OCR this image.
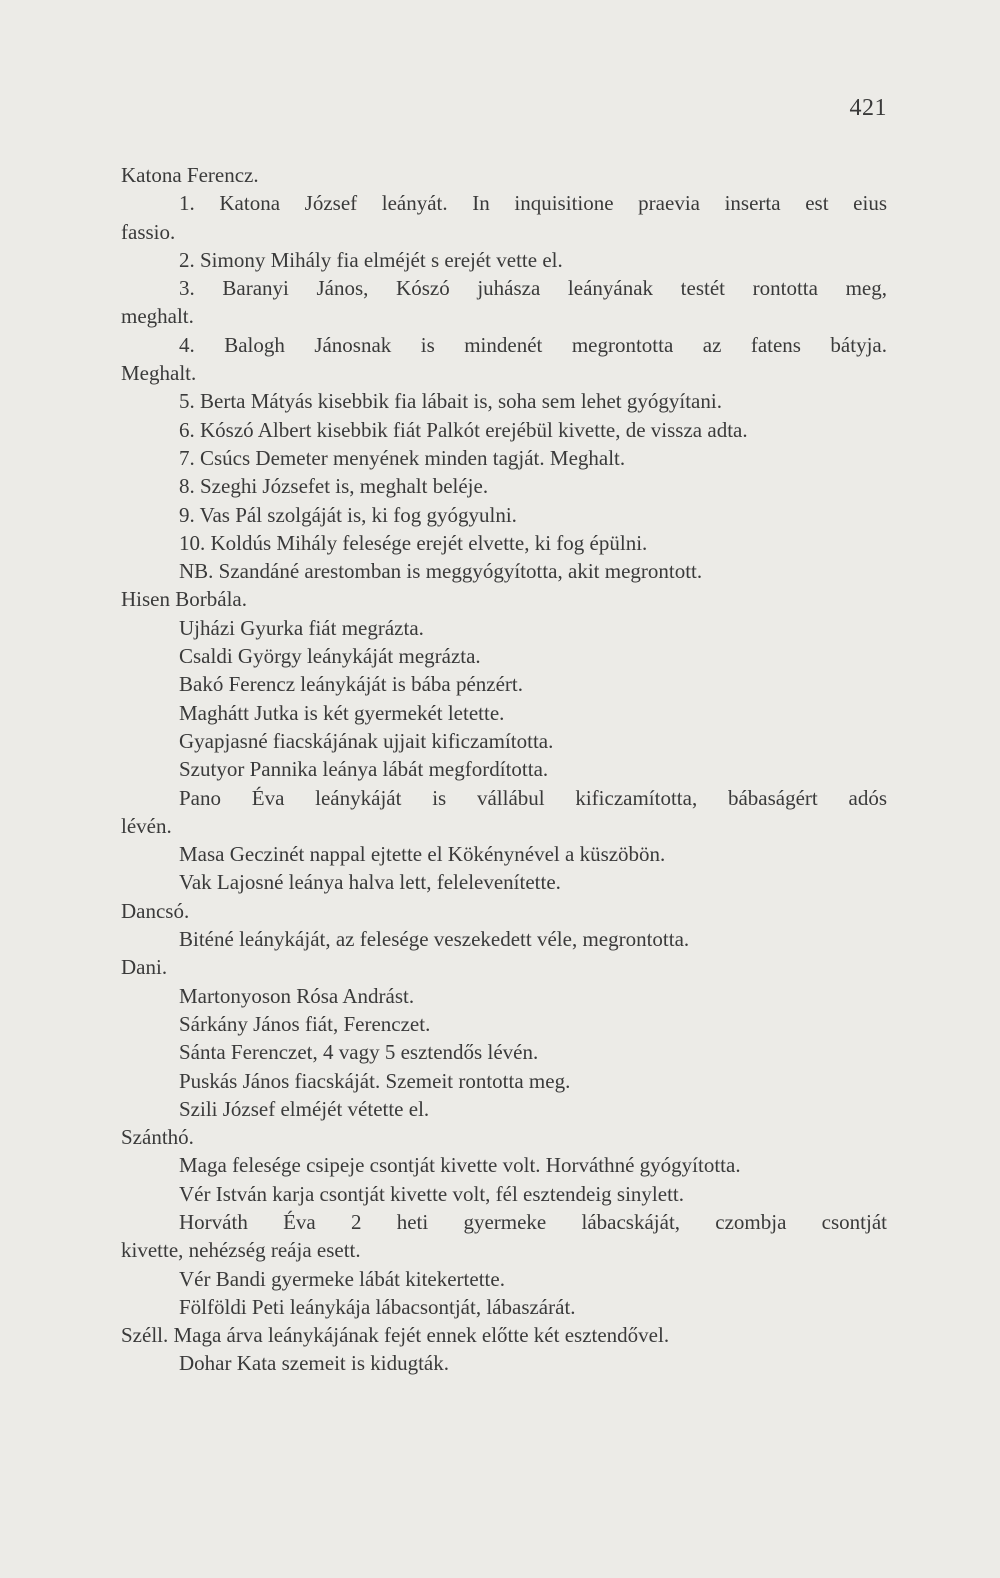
421
Katona Ferencz.
1. Katona József leányát. In inquisitione praevia inserta est eius
fassio.
2. Simony Mihály fia elméjét s erejét vette el.
3. Baranyi János, Kószó juhásza leányának testét rontotta meg,
meghalt.
4. Balogh Jánosnak is mindenét megrontotta az fatens bátyja.
Meghalt.
5. Berta Mátyás kisebbik fia lábait is, soha sem lehet gyógyítani.
6. Kószó Albert kisebbik fiát Palkót erejébül kivette, de vissza adta.
7. Csúcs Demeter menyének minden tagját. Meghalt.
8. Szeghi Józsefet is, meghalt beléje.
9. Vas Pál szolgáját is, ki fog gyógyulni.
10. Koldús Mihály felesége erejét elvette, ki fog épülni.
NB. Szandáné arestomban is meggyógyította, akit megrontott.
Hisen Borbála.
Ujházi Gyurka fiát megrázta.
Csaldi György leánykáját megrázta.
Bakó Ferencz leánykáját is bába pénzért.
Maghátt Jutka is két gyermekét letette.
Gyapjasné fiacskájának ujjait kificzamította.
Szutyor Pannika leánya lábát megfordította.
Pano Éva leánykáját is vállábul kificzamította, bábaságért adós
lévén.
Masa Geczinét nappal ejtette el Kökénynével a küszöbön.
Vak Lajosné leánya halva lett, felelevenítette.
Dancsó.
Biténé leánykáját, az felesége veszekedett véle, megrontotta.
Dani.
Martonyoson Rósa Andrást.
Sárkány János fiát, Ferenczet.
Sánta Ferenczet, 4 vagy 5 esztendős lévén.
Puskás János fiacskáját. Szemeit rontotta meg.
Szili József elméjét vétette el.
Szánthó.
Maga felesége csipeje csontját kivette volt. Horváthné gyógyította.
Vér István karja csontját kivette volt, fél esztendeig sinylett.
Horváth Éva 2 heti gyermeke lábacskáját, czombja csontját
kivette, nehézség reája esett.
Vér Bandi gyermeke lábát kitekertette.
Fölföldi Peti leánykája lábacsontját, lábaszárát.
Széll. Maga árva leánykájának fejét ennek előtte két esztendővel.
Dohar Kata szemeit is kidugták.
